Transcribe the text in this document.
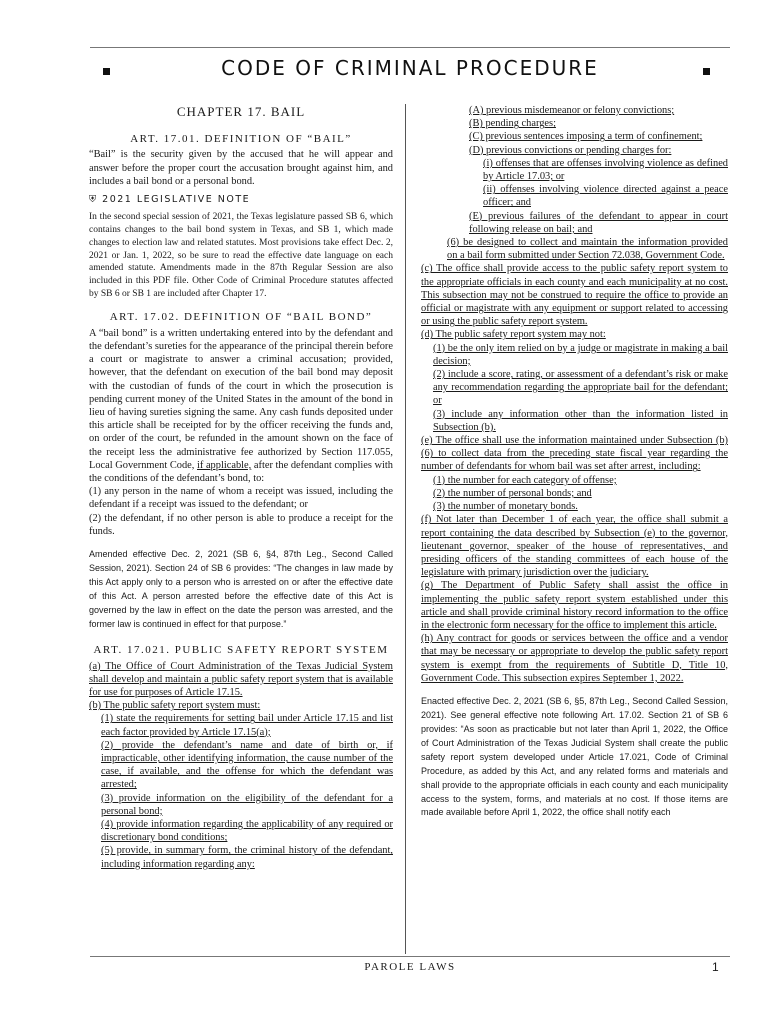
CODE OF CRIMINAL PROCEDURE
CHAPTER 17. BAIL
ART. 17.01. DEFINITION OF “BAIL”

“Bail” is the security given by the accused that he will appear and answer before the proper court the accusation brought against him, and includes a bail bond or a personal bond.

⛨ 2021 LEGISLATIVE NOTE

In the second special session of 2021, the Texas legislature passed SB 6, which contains changes to the bail bond system in Texas, and SB 1, which made changes to election law and related statutes. Most provisions take effect Dec. 2, 2021 or Jan. 1, 2022, so be sure to read the effective date language on each amended statute. Amendments made in the 87th Regular Session are also included in this PDF file. Other Code of Criminal Procedure statutes affected by SB 6 or SB 1 are included after Chapter 17.

ART. 17.02. DEFINITION OF “BAIL BOND”

A “bail bond” is a written undertaking entered into by the defendant and the defendant’s sureties for the appearance of the principal therein before a court or magistrate to answer a criminal accusation; provided, however, that the defendant on execution of the bail bond may deposit with the custodian of funds of the court in which the prosecution is pending current money of the United States in the amount of the bond in lieu of having sureties signing the same. Any cash funds deposited under this article shall be receipted for by the officer receiving the funds and, on order of the court, be refunded in the amount shown on the face of the receipt less the administrative fee authorized by Section 117.055, Local Government Code, if applicable, after the defendant complies with the conditions of the defendant’s bond, to:

(1) any person in the name of whom a receipt was issued, including the defendant if a receipt was issued to the defendant; or

(2) the defendant, if no other person is able to produce a receipt for the funds.

Amended effective Dec. 2, 2021 (SB 6, §4, 87th Leg., Second Called Session, 2021). Section 24 of SB 6 provides: “The changes in law made by this Act apply only to a person who is arrested on or after the effective date of this Act. A person arrested before the effective date of this Act is governed by the law in effect on the date the person was arrested, and the former law is continued in effect for that purpose.”

ART. 17.021. PUBLIC SAFETY REPORT SYSTEM

(a) The Office of Court Administration of the Texas Judicial System shall develop and maintain a public safety report system that is available for use for purposes of Article 17.15.

(b) The public safety report system must:

(1) state the requirements for setting bail under Article 17.15 and list each factor provided by Article 17.15(a);

(2) provide the defendant’s name and date of birth or, if impracticable, other identifying information, the cause number of the case, if available, and the offense for which the defendant was arrested;

(3) provide information on the eligibility of the defendant for a personal bond;

(4) provide information regarding the applicability of any required or discretionary bond conditions;

(5) provide, in summary form, the criminal history of the defendant, including information regarding any:

(A) previous misdemeanor or felony convictions;

(B) pending charges;

(C) previous sentences imposing a term of confinement;

(D) previous convictions or pending charges for:

(i) offenses that are offenses involving violence as defined by Article 17.03; or

(ii) offenses involving violence directed against a peace officer; and

(E) previous failures of the defendant to appear in court following release on bail; and

(6) be designed to collect and maintain the information provided on a bail form submitted under Section 72.038, Government Code.

(c) The office shall provide access to the public safety report system to the appropriate officials in each county and each municipality at no cost. This subsection may not be construed to require the office to provide an official or magistrate with any equipment or support related to accessing or using the public safety report system.

(d) The public safety report system may not:

(1) be the only item relied on by a judge or magistrate in making a bail decision;

(2) include a score, rating, or assessment of a defendant’s risk or make any recommendation regarding the appropriate bail for the defendant; or

(3) include any information other than the information listed in Subsection (b).

(e) The office shall use the information maintained under Subsection (b)(6) to collect data from the preceding state fiscal year regarding the number of defendants for whom bail was set after arrest, including:

(1) the number for each category of offense;

(2) the number of personal bonds; and

(3) the number of monetary bonds.

(f) Not later than December 1 of each year, the office shall submit a report containing the data described by Subsection (e) to the governor, lieutenant governor, speaker of the house of representatives, and presiding officers of the standing committees of each house of the legislature with primary jurisdiction over the judiciary.

(g) The Department of Public Safety shall assist the office in implementing the public safety report system established under this article and shall provide criminal history record information to the office in the electronic form necessary for the office to implement this article.

(h) Any contract for goods or services between the office and a vendor that may be necessary or appropriate to develop the public safety report system is exempt from the requirements of Subtitle D, Title 10, Government Code. This subsection expires September 1, 2022.

Enacted effective Dec. 2, 2021 (SB 6, §5, 87th Leg., Second Called Session, 2021). See general effective note following Art. 17.02. Section 21 of SB 6 provides: “As soon as practicable but not later than April 1, 2022, the Office of Court Administration of the Texas Judicial System shall create the public safety report system developed under Article 17.021, Code of Criminal Procedure, as added by this Act, and any related forms and materials and shall provide to the appropriate officials in each county and each municipality access to the system, forms, and materials at no cost. If those items are made available before April 1, 2022, the office shall notify each

PAROLE LAWS	1
